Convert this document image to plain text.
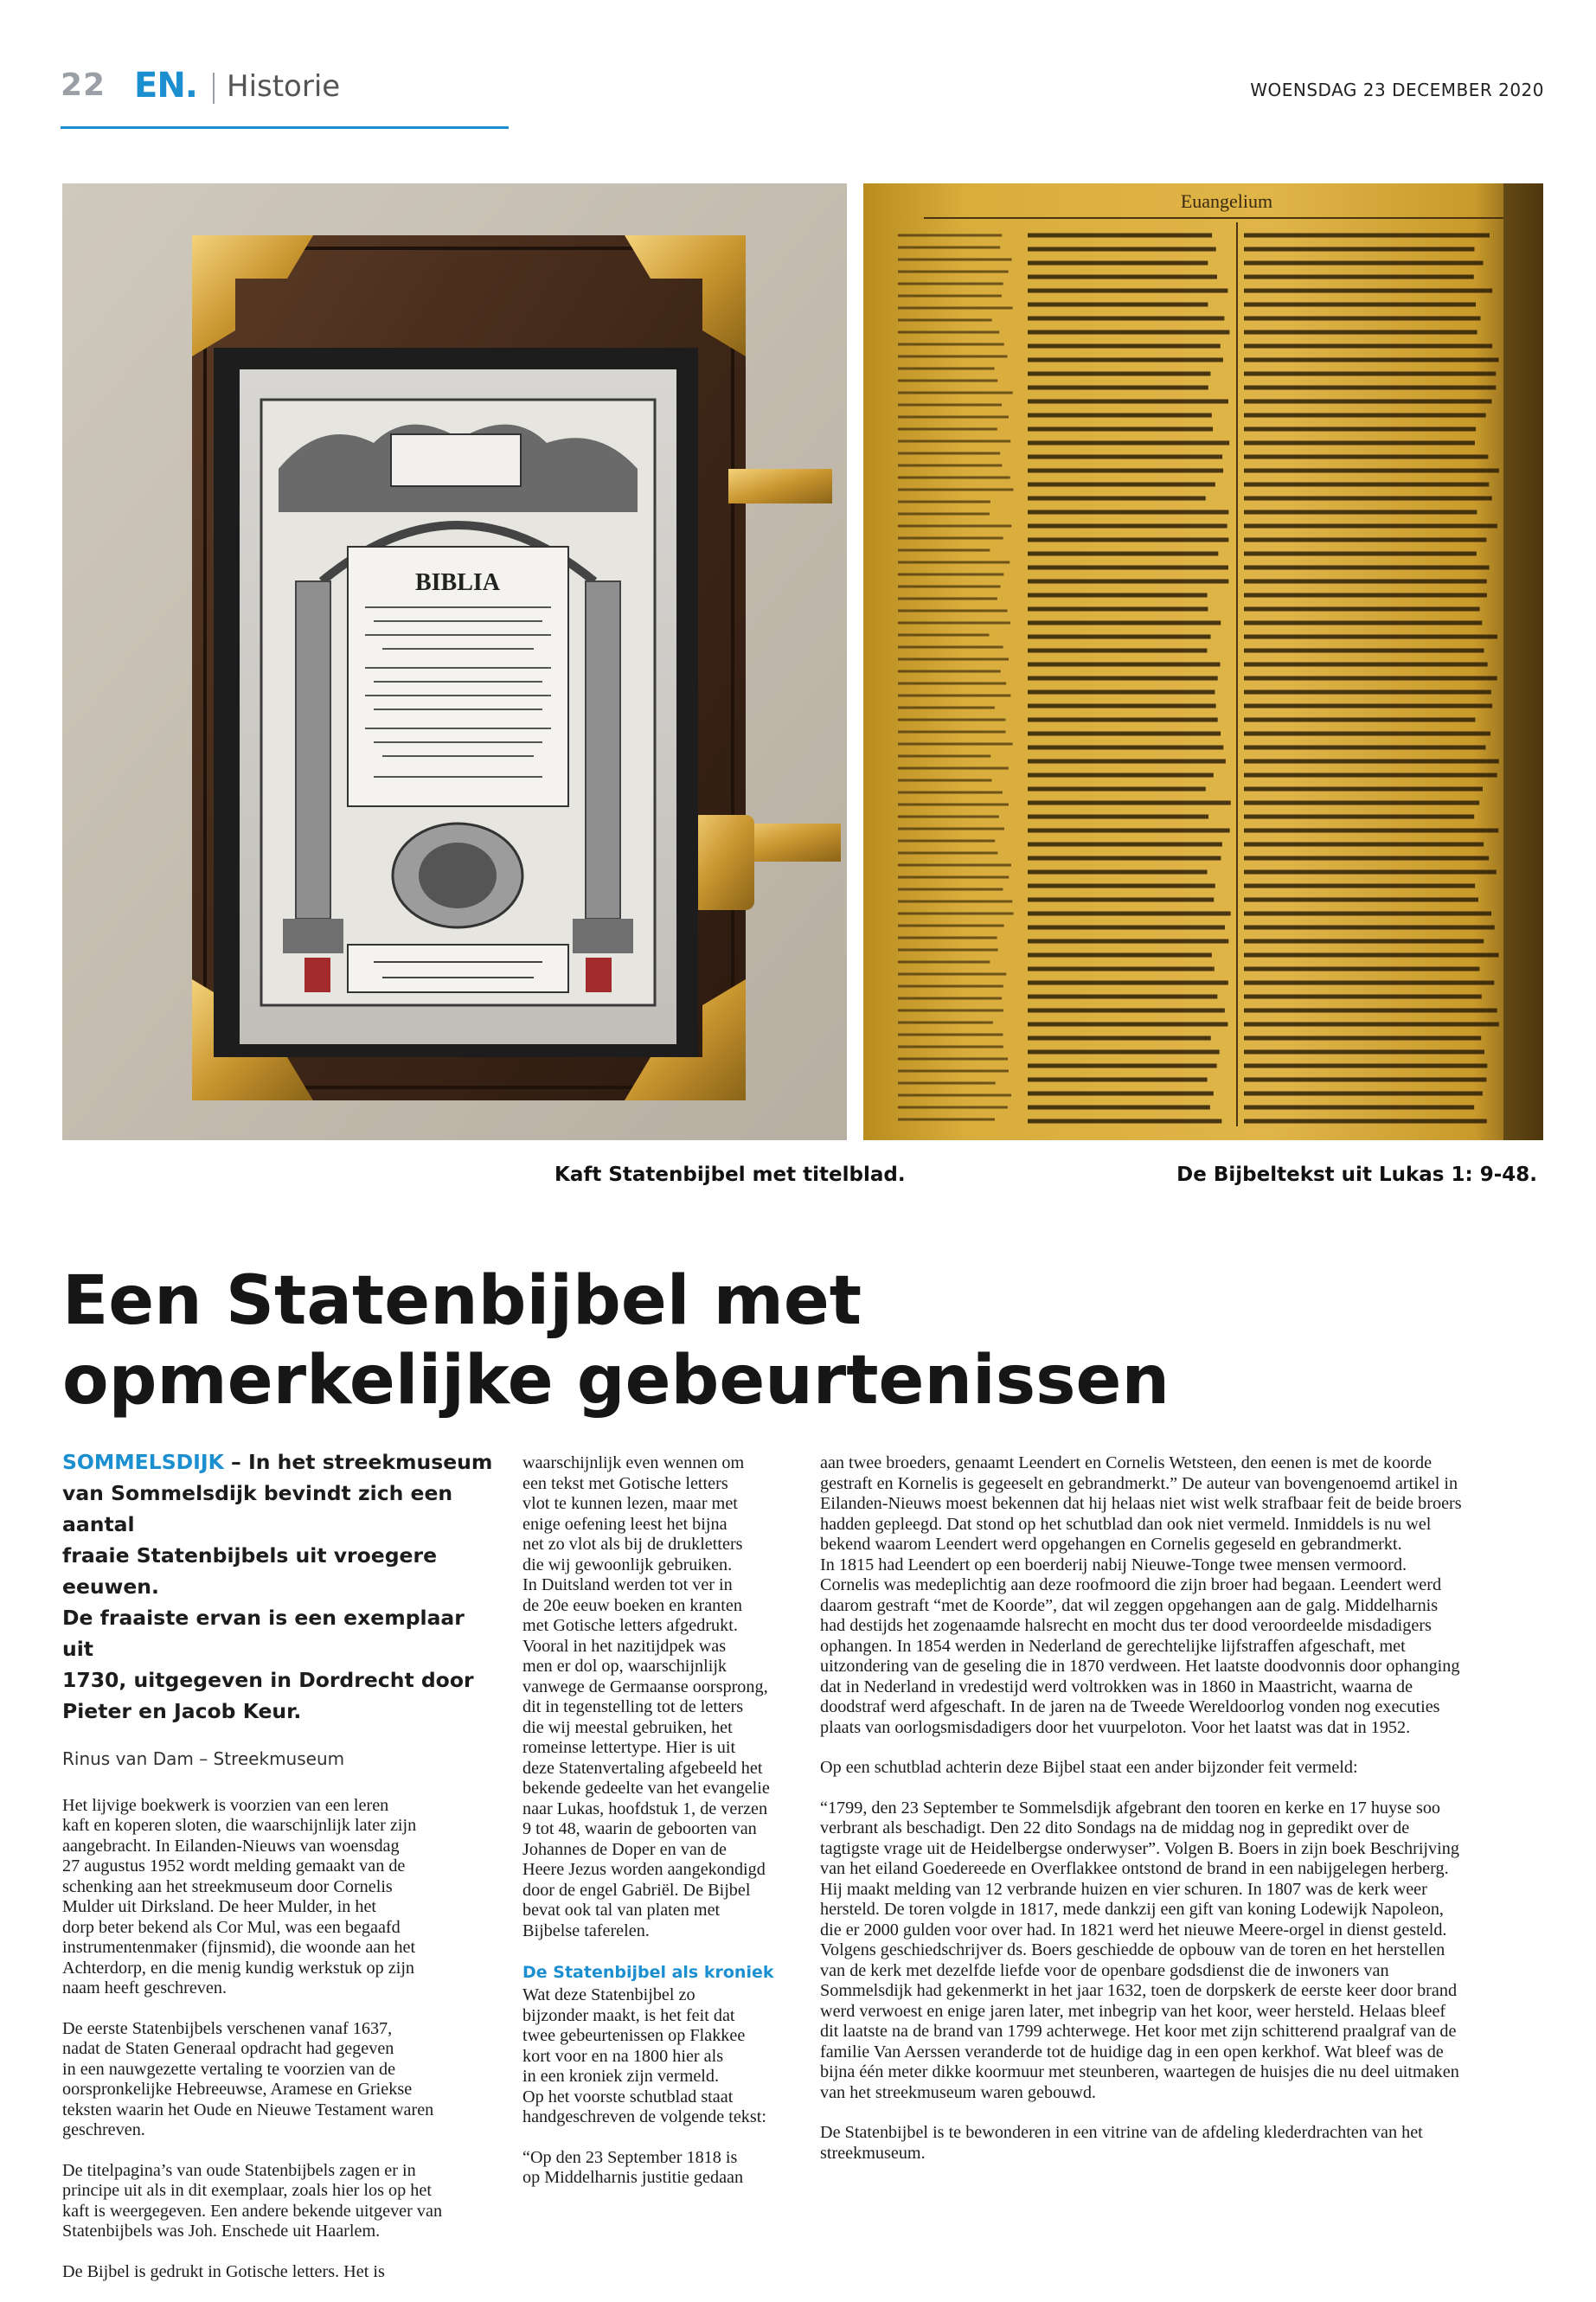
22 EN. Historie	WOENSDAG 23 DECEMBER 2020
BIBLIA
Euangelium
Kaft Statenbijbel met titelblad.	De Bijbeltekst uit Lukas 1: 9-48.
Een Statenbijbel met
opmerkelijke gebeurtenissen
SOMMELSDIJK – In het streekmuseum
van Sommelsdijk bevindt zich een aantal
fraaie Statenbijbels uit vroegere eeuwen.
De fraaiste ervan is een exemplaar uit
1730, uitgegeven in Dordrecht door
Pieter en Jacob Keur.
Rinus van Dam – Streekmuseum

Het lijvige boekwerk is voorzien van een leren
kaft en koperen sloten, die waarschijnlijk later zijn
aangebracht. In Eilanden-Nieuws van woensdag
27 augustus 1952 wordt melding gemaakt van de
schenking aan het streekmuseum door Cornelis
Mulder uit Dirksland. De heer Mulder, in het
dorp beter bekend als Cor Mul, was een begaafd
instrumentenmaker (fijnsmid), die woonde aan het
Achterdorp, en die menig kundig werkstuk op zijn
naam heeft geschreven.

De eerste Statenbijbels verschenen vanaf 1637,
nadat de Staten Generaal opdracht had gegeven
in een nauwgezette vertaling te voorzien van de
oorspronkelijke Hebreeuwse, Aramese en Griekse
teksten waarin het Oude en Nieuwe Testament waren
geschreven.

De titelpagina’s van oude Statenbijbels zagen er in
principe uit als in dit exemplaar, zoals hier los op het
kaft is weergegeven. Een andere bekende uitgever van
Statenbijbels was Joh. Enschede uit Haarlem.

De Bijbel is gedrukt in Gotische letters. Het is

waarschijnlijk even wennen om
een tekst met Gotische letters
vlot te kunnen lezen, maar met
enige oefening leest het bijna
net zo vlot als bij de drukletters
die wij gewoonlijk gebruiken.
In Duitsland werden tot ver in
de 20e eeuw boeken en kranten
met Gotische letters afgedrukt.
Vooral in het nazitijdpek was
men er dol op, waarschijnlijk
vanwege de Germaanse oorsprong,
dit in tegenstelling tot de letters
die wij meestal gebruiken, het
romeinse lettertype. Hier is uit
deze Statenvertaling afgebeeld het
bekende gedeelte van het evangelie
naar Lukas, hoofdstuk 1, de verzen
9 tot 48, waarin de geboorten van
Johannes de Doper en van de
Heere Jezus worden aangekondigd
door de engel Gabriël. De Bijbel
bevat ook tal van platen met
Bijbelse taferelen.

De Statenbijbel als kroniek

Wat deze Statenbijbel zo
bijzonder maakt, is het feit dat
twee gebeurtenissen op Flakkee
kort voor en na 1800 hier als
in een kroniek zijn vermeld.
Op het voorste schutblad staat
handgeschreven de volgende tekst:

“Op den 23 September 1818 is
op Middelharnis justitie gedaan

aan twee broeders, genaamt Leendert en Cornelis Wetsteen, den eenen is met de koorde
gestraft en Kornelis is gegeeselt en gebrandmerkt.” De auteur van bovengenoemd artikel in
Eilanden-Nieuws moest bekennen dat hij helaas niet wist welk strafbaar feit de beide broers
hadden gepleegd. Dat stond op het schutblad dan ook niet vermeld. Inmiddels is nu wel
bekend waarom Leendert werd opgehangen en Cornelis gegeseld en gebrandmerkt.
In 1815 had Leendert op een boerderij nabij Nieuwe-Tonge twee mensen vermoord.
Cornelis was medeplichtig aan deze roofmoord die zijn broer had begaan. Leendert werd
daarom gestraft “met de Koorde”, dat wil zeggen opgehangen aan de galg. Middelharnis
had destijds het zogenaamde halsrecht en mocht dus ter dood veroordeelde misdadigers
ophangen. In 1854 werden in Nederland de gerechtelijke lijfstraffen afgeschaft, met
uitzondering van de geseling die in 1870 verdween. Het laatste doodvonnis door ophanging
dat in Nederland in vredestijd werd voltrokken was in 1860 in Maastricht, waarna de
doodstraf werd afgeschaft. In de jaren na de Tweede Wereldoorlog vonden nog executies
plaats van oorlogsmisdadigers door het vuurpeloton. Voor het laatst was dat in 1952.

Op een schutblad achterin deze Bijbel staat een ander bijzonder feit vermeld:

“1799, den 23 September te Sommelsdijk afgebrant den tooren en kerke en 17 huyse soo
verbrant als beschadigt. Den 22 dito Sondags na de middag nog in gepredikt over de
tagtigste vrage uit de Heidelbergse onderwyser”. Volgen B. Boers in zijn boek Beschrijving
van het eiland Goedereede en Overflakkee ontstond de brand in een nabijgelegen herberg.
Hij maakt melding van 12 verbrande huizen en vier schuren. In 1807 was de kerk weer
hersteld. De toren volgde in 1817, mede dankzij een gift van koning Lodewijk Napoleon,
die er 2000 gulden voor over had. In 1821 werd het nieuwe Meere-orgel in dienst gesteld.
Volgens geschiedschrijver ds. Boers geschiedde de opbouw van de toren en het herstellen
van de kerk met dezelfde liefde voor de openbare godsdienst die de inwoners van
Sommelsdijk had gekenmerkt in het jaar 1632, toen de dorpskerk de eerste keer door brand
werd verwoest en enige jaren later, met inbegrip van het koor, weer hersteld. Helaas bleef
dit laatste na de brand van 1799 achterwege. Het koor met zijn schitterend praalgraf van de
familie Van Aerssen veranderde tot de huidige dag in een open kerkhof. Wat bleef was de
bijna één meter dikke koormuur met steunberen, waartegen de huisjes die nu deel uitmaken
van het streekmuseum waren gebouwd.

De Statenbijbel is te bewonderen in een vitrine van de afdeling klederdrachten van het
streekmuseum.
